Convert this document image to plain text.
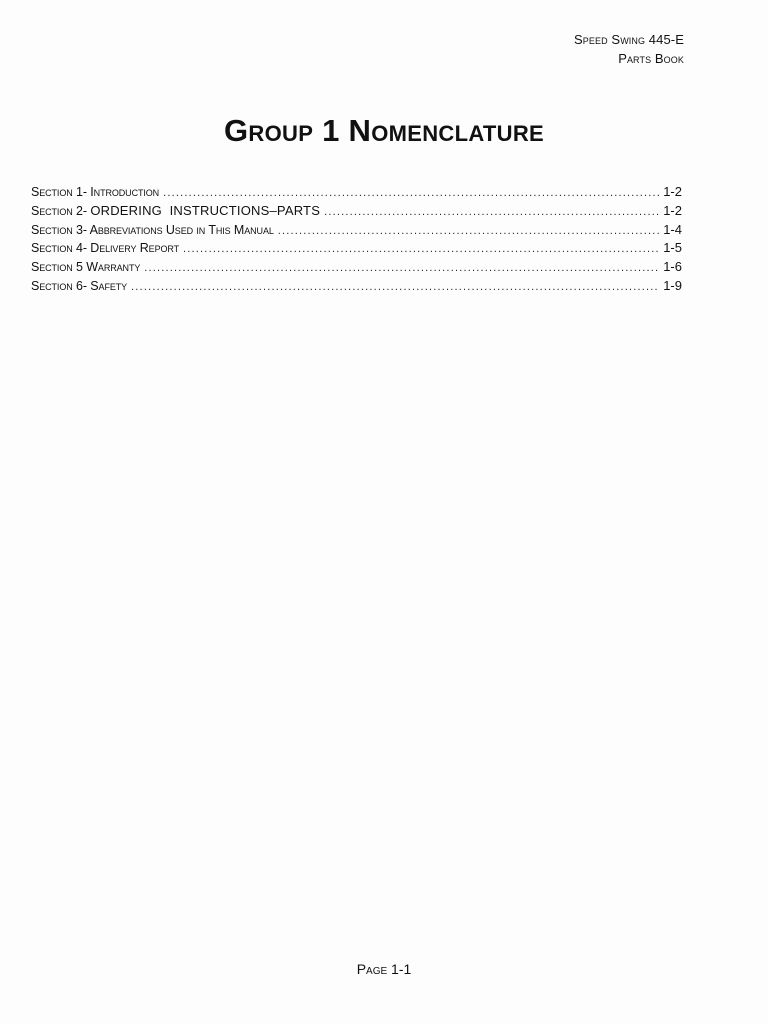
Speed Swing 445-E
Parts Book
Group 1 Nomenclature
Section 1- Introduction .....	1-2
Section 2- ORDERING  INSTRUCTIONS–PARTS .....	1-2
Section 3- Abbreviations Used in This Manual .....	1-4
Section 4- Delivery Report .....	1-5
Section 5 Warranty .....	1-6
Section 6- Safety .....	1-9
Page 1-1
